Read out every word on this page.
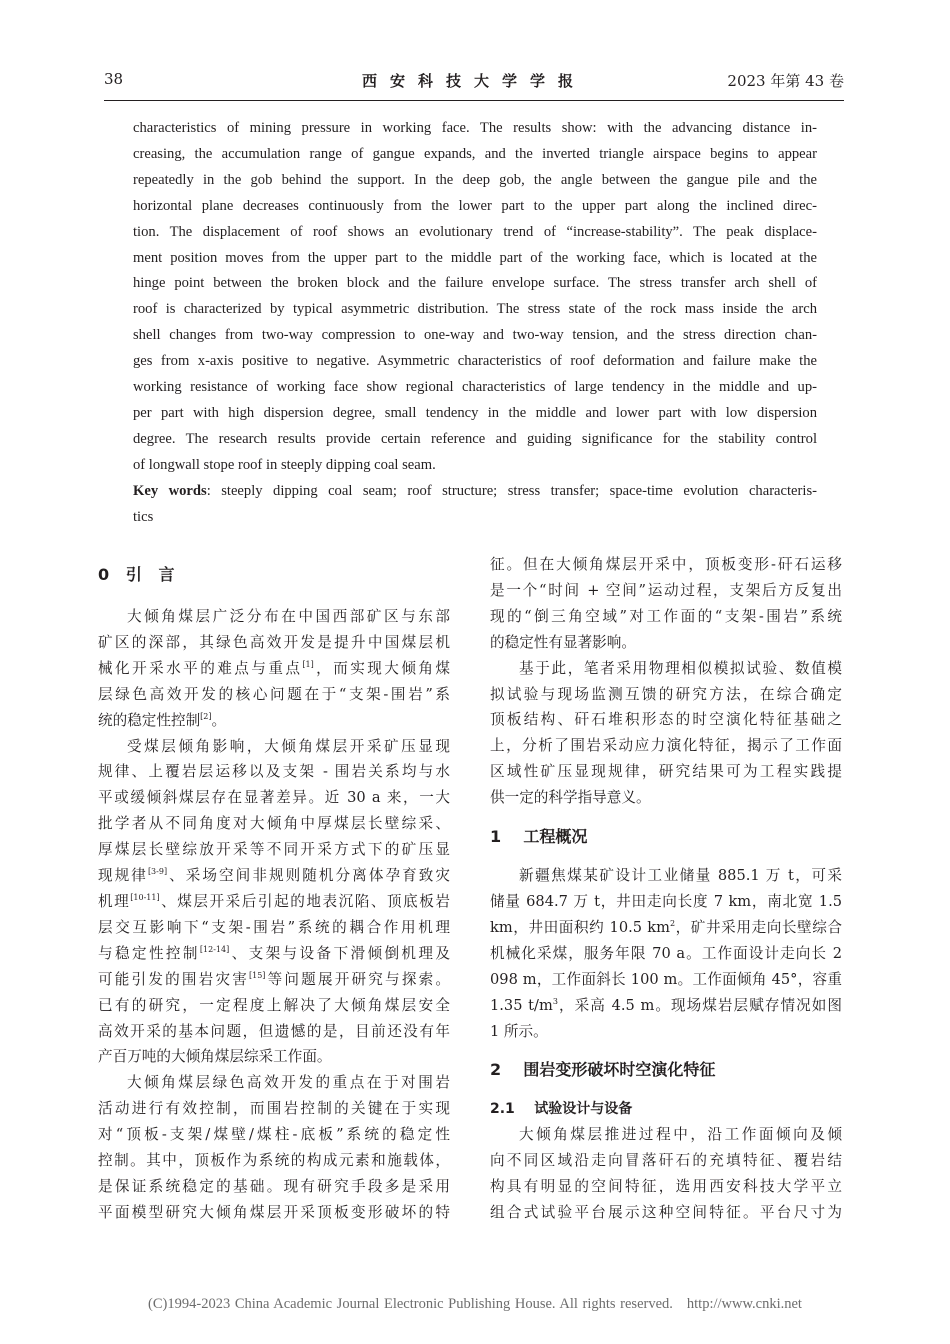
38	西安科技大学学报	2023 年第 43 卷
characteristics of mining pressure in working face. The results show: with the advancing distance in-
creasing, the accumulation range of gangue expands, and the inverted triangle airspace begins to appear
repeatedly in the gob behind the support. In the deep gob, the angle between the gangue pile and the
horizontal plane decreases continuously from the lower part to the upper part along the inclined direc-
tion. The displacement of roof shows an evolutionary trend of “increase-stability”. The peak displace-
ment position moves from the upper part to the middle part of the working face, which is located at the
hinge point between the broken block and the failure envelope surface. The stress transfer arch shell of
roof is characterized by typical asymmetric distribution. The stress state of the rock mass inside the arch
shell changes from two-way compression to one-way and two-way tension, and the stress direction chan-
ges from x-axis positive to negative. Asymmetric characteristics of roof deformation and failure make the
working resistance of working face show regional characteristics of large tendency in the middle and up-
per part with high dispersion degree, small tendency in the middle and lower part with low dispersion
degree. The research results provide certain reference and guiding significance for the stability control
of longwall stope roof in steeply dipping coal seam.
Key words: steeply dipping coal seam; roof structure; stress transfer; space-time evolution characteris-
tics
0   引   言
大倾角煤层广泛分布在中国西部矿区与东部
矿区的深部，其绿色高效开发是提升中国煤层机
械化开采水平的难点与重点[1]，而实现大倾角煤
层绿色高效开发的核心问题在于“支架-围岩”系
统的稳定性控制[2]。
受煤层倾角影响，大倾角煤层开采矿压显现
规律、上覆岩层运移以及支架 - 围岩关系均与水
平或缓倾斜煤层存在显著差异。近 30 a 来，一大
批学者从不同角度对大倾角中厚煤层长壁综采、
厚煤层长壁综放开采等不同开采方式下的矿压显
现规律[3-9]、采场空间非规则随机分离体孕育致灾
机理[10-11]、煤层开采后引起的地表沉陷、顶底板岩
层交互影响下“支架-围岩”系统的耦合作用机理
与稳定性控制[12-14]、支架与设备下滑倾倒机理及
可能引发的围岩灾害[15]等问题展开研究与探索。
已有的研究，一定程度上解决了大倾角煤层安全
高效开采的基本问题，但遗憾的是，目前还没有年
产百万吨的大倾角煤层综采工作面。
大倾角煤层绿色高效开发的重点在于对围岩
活动进行有效控制，而围岩控制的关键在于实现
对“顶板-支架/煤壁/煤柱-底板”系统的稳定性
控制。其中，顶板作为系统的构成元素和施载体，
是保证系统稳定的基础。现有研究手段多是采用
平面模型研究大倾角煤层开采顶板变形破坏的特
征。但在大倾角煤层开采中，顶板变形-矸石运移
是一个“时间 + 空间”运动过程，支架后方反复出
现的“倒三角空域”对工作面的“支架-围岩”系统
的稳定性有显著影响。
基于此，笔者采用物理相似模拟试验、数值模
拟试验与现场监测互馈的研究方法，在综合确定
顶板结构、矸石堆积形态的时空演化特征基础之
上，分析了围岩采动应力演化特征，揭示了工作面
区域性矿压显现规律，研究结果可为工程实践提
供一定的科学指导意义。
1    工程概况
新疆焦煤某矿设计工业储量 885.1 万 t，可采
储量 684.7 万 t，井田走向长度 7 km，南北宽 1.5
km，井田面积约 10.5 $km^2$，矿井采用走向长壁综合
机械化采煤，服务年限 70 a。工作面设计走向长 2
098 m，工作面斜长 100 m。工作面倾角 45°，容重
1.35 $t/m^3$，采高 4.5 m。现场煤岩层赋存情况如图
1 所示。
2    围岩变形破坏时空演化特征
2.1    试验设计与设备
大倾角煤层推进过程中，沿工作面倾向及倾
向不同区域沿走向冒落矸石的充填特征、覆岩结
构具有明显的空间特征，选用西安科技大学平立
组合式试验平台展示这种空间特征。平台尺寸为
(C)1994-2023 China Academic Journal Electronic Publishing House. All rights reserved. http://www.cnki.net
